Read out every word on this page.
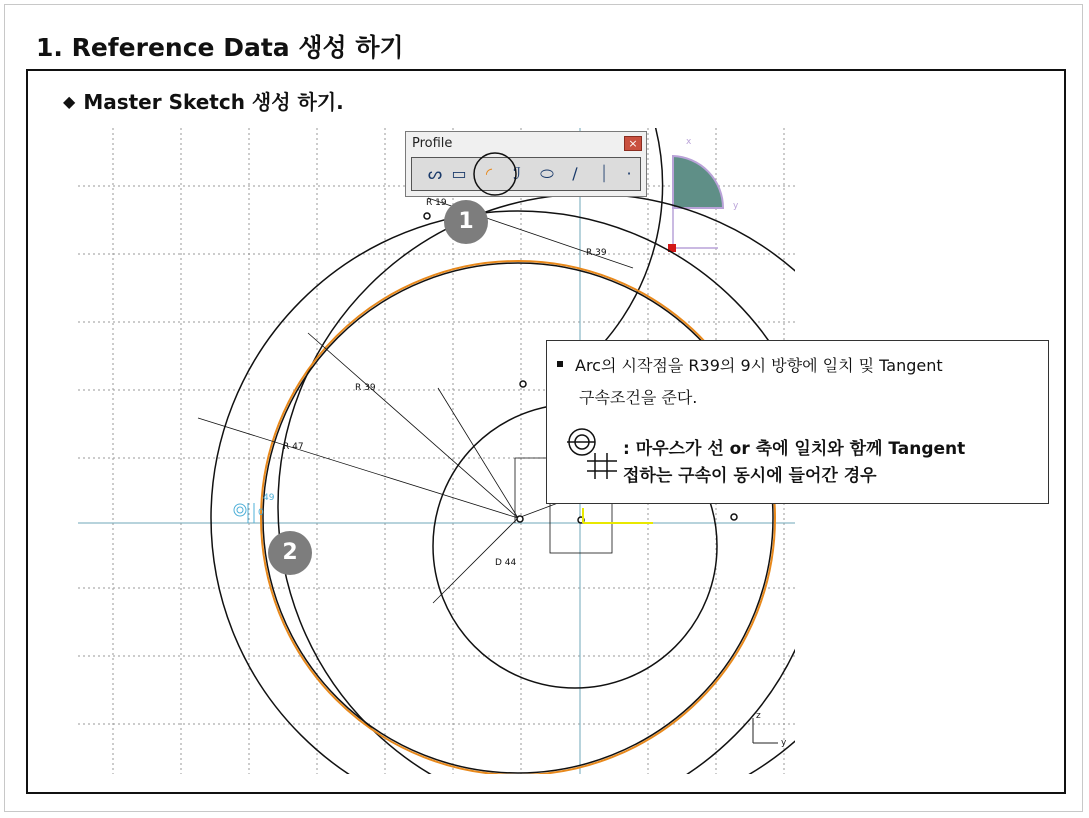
1. Reference Data 생성 하기
◆ Master Sketch 생성 하기.
x
y
R 19
R 39
R 39
R 47
D 44
49
0
z
y
Profile	×
ᔕ ▭	◜	ℐ	⬭	∕	⏐	·
1
2
Arc의 시작점을 R39의 9시 방향에 일치 및 Tangent
구속조건을 준다.
: 마우스가 선 or 축에 일치와 함께 Tangent
접하는 구속이 동시에 들어간 경우
